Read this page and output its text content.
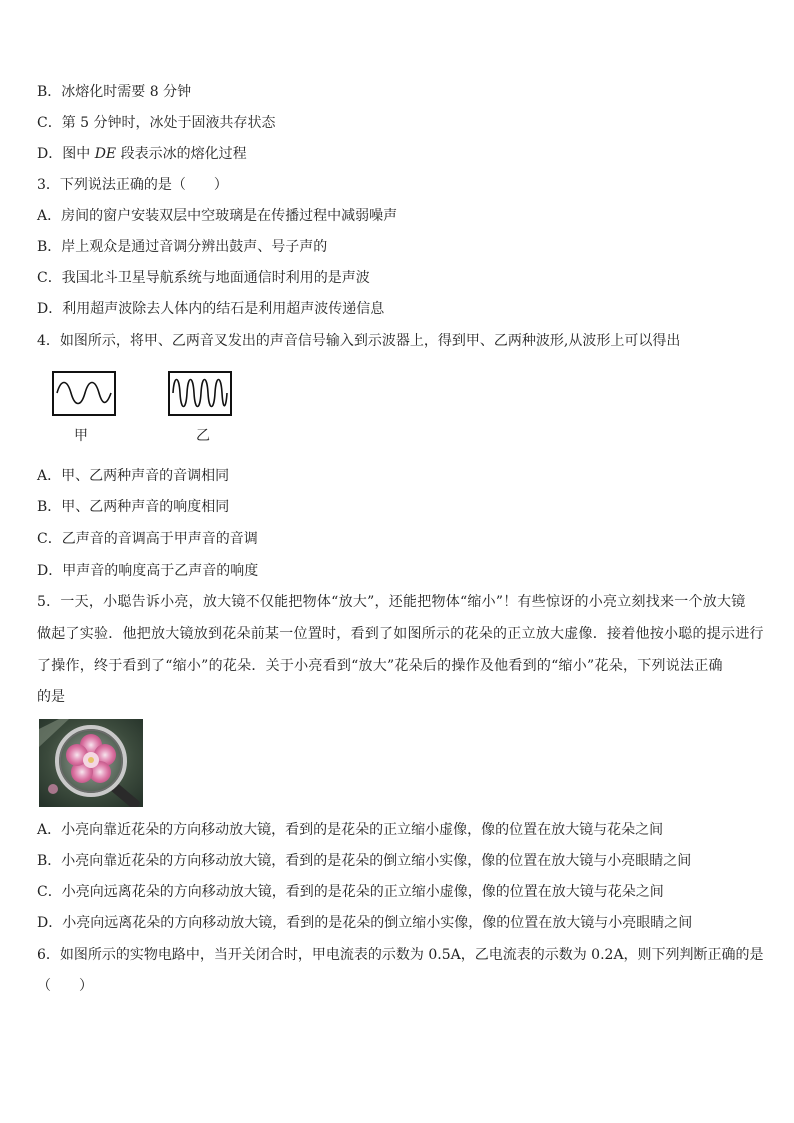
B．冰熔化时需要 8 分钟

C．第 5 分钟时，冰处于固液共存状态

D．图中 DE 段表示冰的熔化过程

3．下列说法正确的是（　　）

A．房间的窗户安装双层中空玻璃是在传播过程中减弱噪声

B．岸上观众是通过音调分辨出鼓声、号子声的

C．我国北斗卫星导航系统与地面通信时利用的是声波

D．利用超声波除去人体内的结石是利用超声波传递信息

4．如图所示，将甲、乙两音叉发出的声音信号输入到示波器上，得到甲、乙两种波形,从波形上可以得出

甲	乙

A．甲、乙两种声音的音调相同

B．甲、乙两种声音的响度相同

C．乙声音的音调高于甲声音的音调

D．甲声音的响度高于乙声音的响度

5．一天，小聪告诉小亮，放大镜不仅能把物体“放大”，还能把物体“缩小”！有些惊讶的小亮立刻找来一个放大镜

做起了实验．他把放大镜放到花朵前某一位置时，看到了如图所示的花朵的正立放大虚像．接着他按小聪的提示进行

了操作，终于看到了“缩小”的花朵．关于小亮看到“放大”花朵后的操作及他看到的“缩小”花朵，下列说法正确

的是

A．小亮向靠近花朵的方向移动放大镜，看到的是花朵的正立缩小虚像，像的位置在放大镜与花朵之间

B．小亮向靠近花朵的方向移动放大镜，看到的是花朵的倒立缩小实像，像的位置在放大镜与小亮眼睛之间

C．小亮向远离花朵的方向移动放大镜，看到的是花朵的正立缩小虚像，像的位置在放大镜与花朵之间

D．小亮向远离花朵的方向移动放大镜，看到的是花朵的倒立缩小实像，像的位置在放大镜与小亮眼睛之间

6．如图所示的实物电路中，当开关闭合时，甲电流表的示数为 0.5A，乙电流表的示数为 0.2A，则下列判断正确的是

（　　）
